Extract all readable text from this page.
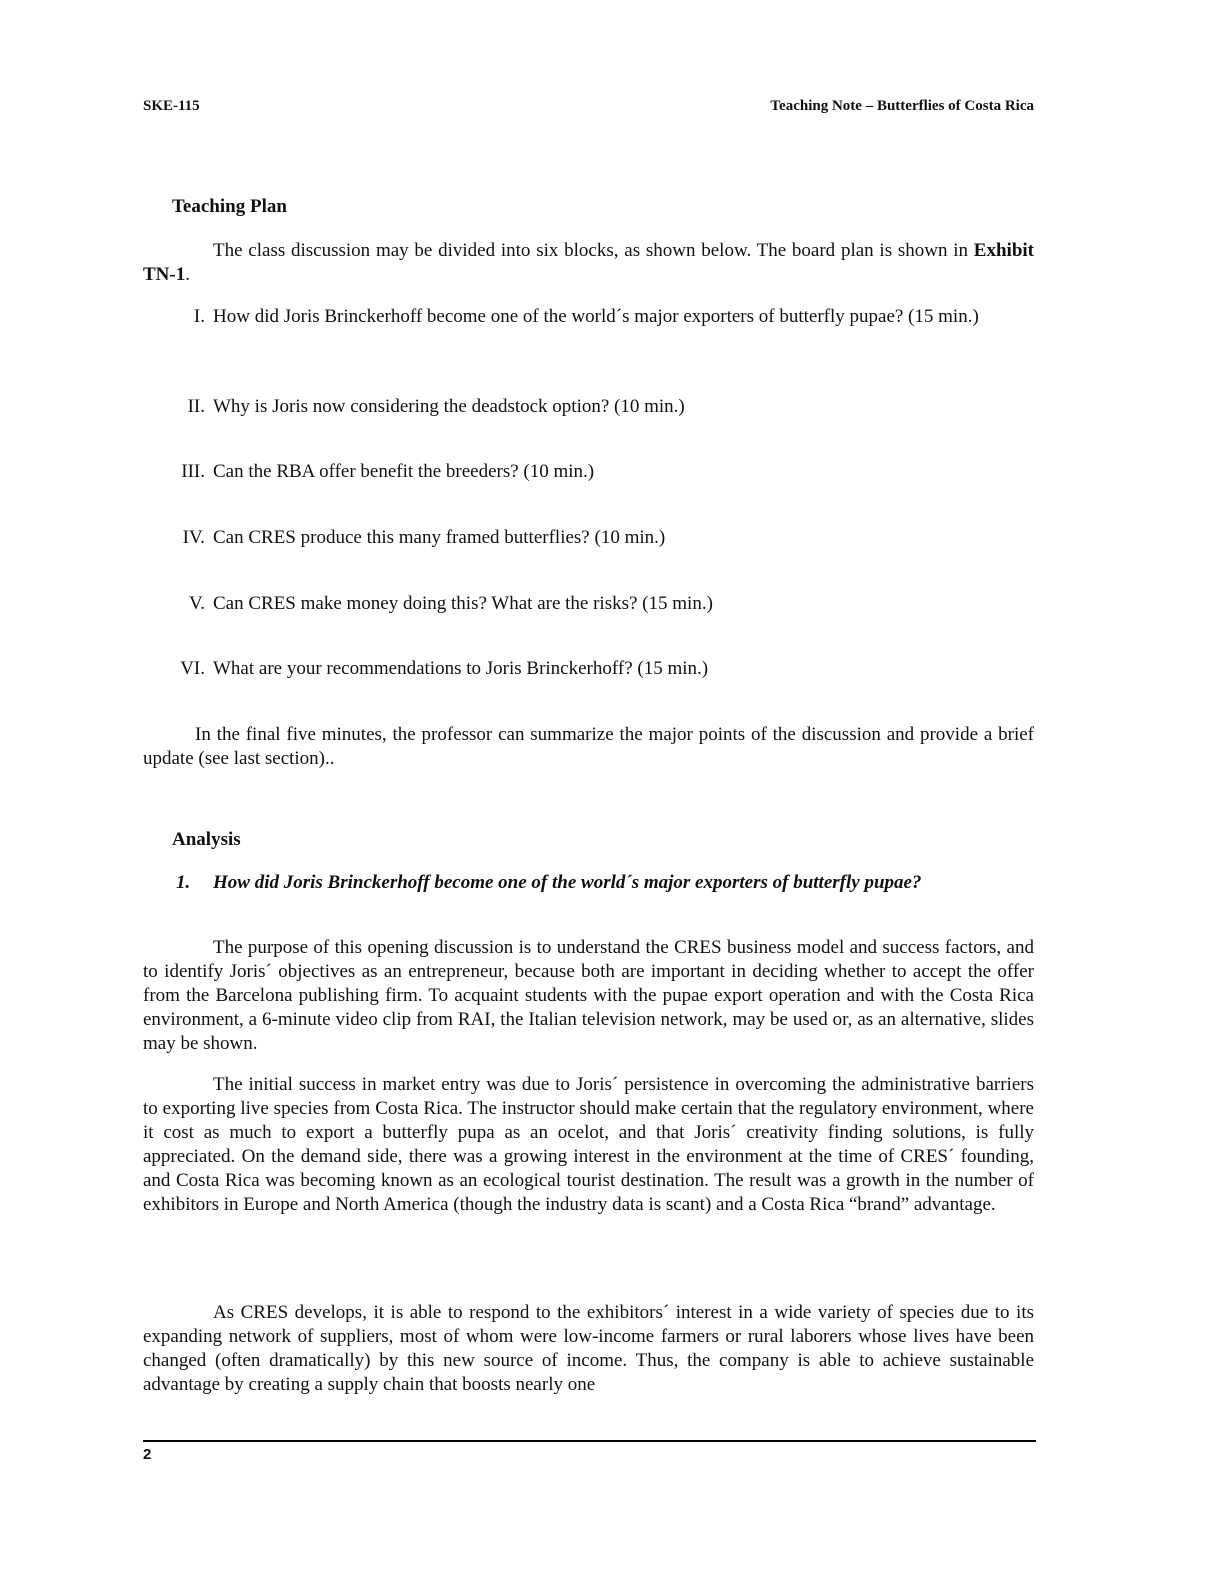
SKE-115	Teaching Note – Butterflies of Costa Rica
Teaching Plan
The class discussion may be divided into six blocks, as shown below. The board plan is shown in Exhibit TN-1.
I. How did Joris Brinckerhoff become one of the world´s major exporters of butterfly pupae? (15 min.)
II. Why is Joris now considering the deadstock option? (10 min.)
III. Can the RBA offer benefit the breeders? (10 min.)
IV. Can CRES produce this many framed butterflies? (10 min.)
V. Can CRES make money doing this? What are the risks? (15 min.)
VI. What are your recommendations to Joris Brinckerhoff? (15 min.)
In the final five minutes, the professor can summarize the major points of the discussion and provide a brief update (see last section)..
Analysis
1. How did Joris Brinckerhoff become one of the world´s major exporters of butterfly pupae?
The purpose of this opening discussion is to understand the CRES business model and success factors, and to identify Joris´ objectives as an entrepreneur, because both are important in deciding whether to accept the offer from the Barcelona publishing firm. To acquaint students with the pupae export operation and with the Costa Rica environment, a 6-minute video clip from RAI, the Italian television network, may be used or, as an alternative, slides may be shown.
The initial success in market entry was due to Joris´ persistence in overcoming the administrative barriers to exporting live species from Costa Rica. The instructor should make certain that the regulatory environment, where it cost as much to export a butterfly pupa as an ocelot, and that Joris´ creativity finding solutions, is fully appreciated. On the demand side, there was a growing interest in the environment at the time of CRES´ founding, and Costa Rica was becoming known as an ecological tourist destination. The result was a growth in the number of exhibitors in Europe and North America (though the industry data is scant) and a Costa Rica “brand” advantage.
As CRES develops, it is able to respond to the exhibitors´ interest in a wide variety of species due to its expanding network of suppliers, most of whom were low-income farmers or rural laborers whose lives have been changed (often dramatically) by this new source of income. Thus, the company is able to achieve sustainable advantage by creating a supply chain that boosts nearly one
2
